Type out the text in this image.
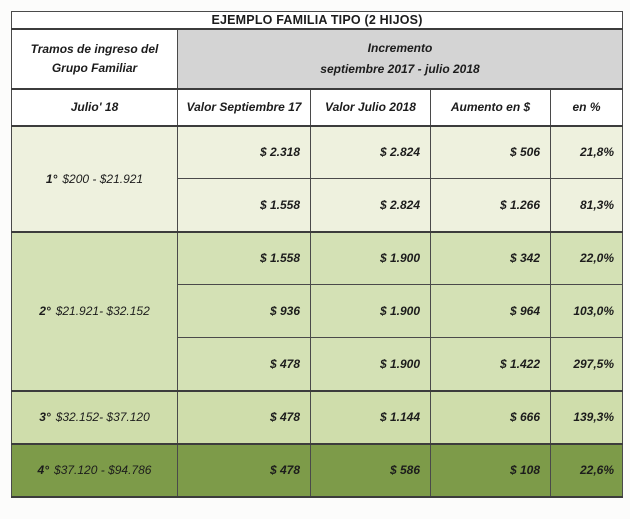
EJEMPLO FAMILIA TIPO (2 HIJOS)				

Tramos de ingreso del
Grupo Familiar

Incremento
septiembre 2017 - julio 2018

Julio' 18	Valor Septiembre 17	Valor Julio 2018	Aumento en $	en %
1° $200 - $21.921	$ 2.318	$ 2.824	$ 506	21,8%
	$ 1.558	$ 2.824	$ 1.266	81,3%
2° $21.921- $32.152	$ 1.558	$ 1.900	$ 342	22,0%
	$ 936	$ 1.900	$ 964	103,0%
	$ 478	$ 1.900	$ 1.422	297,5%
3° $32.152- $37.120	$ 478	$ 1.144	$ 666	139,3%
4° $37.120 - $94.786	$ 478	$ 586	$ 108	22,6%
